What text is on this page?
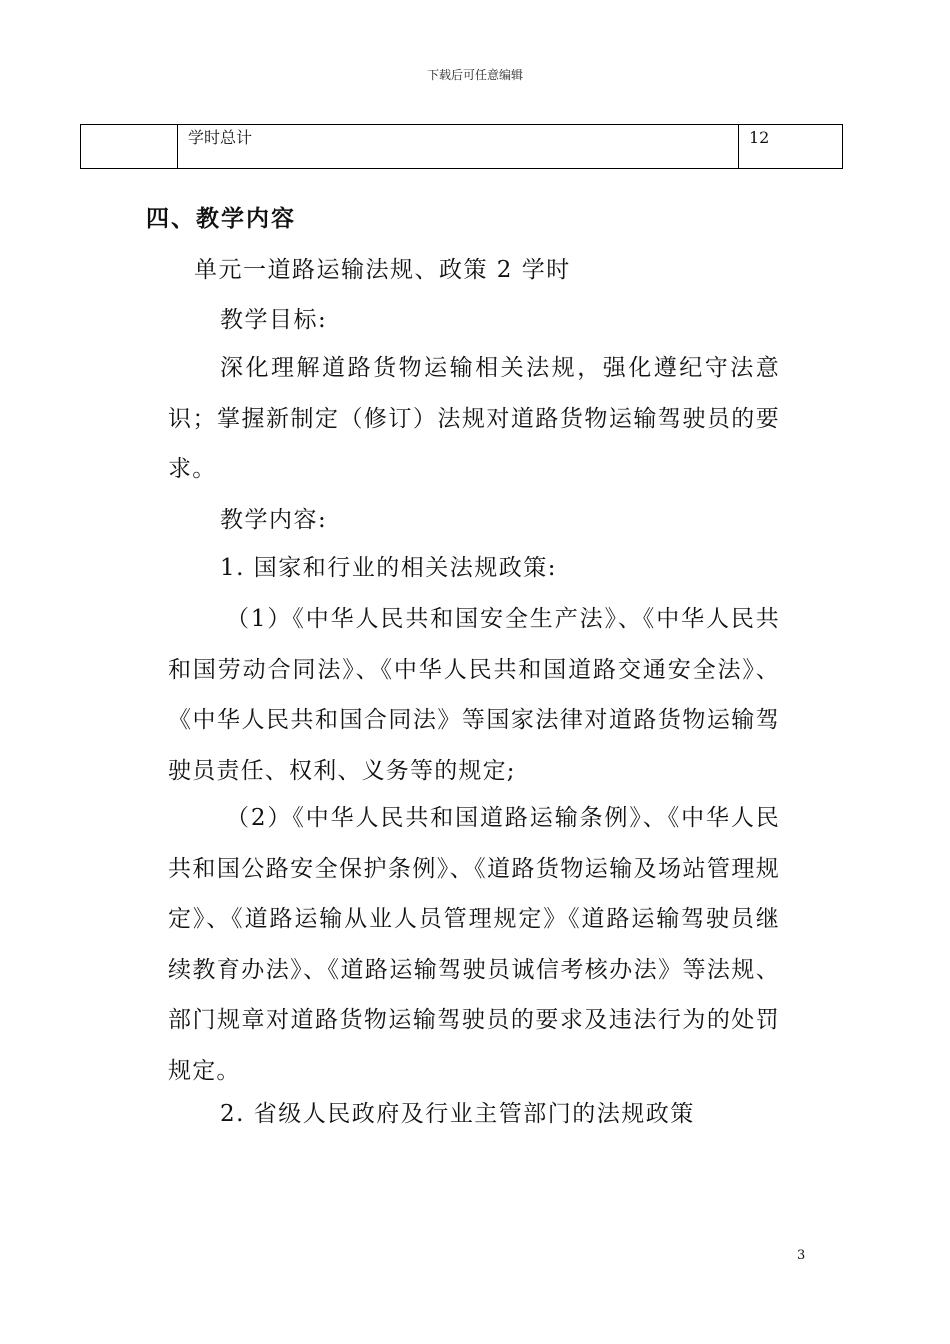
下载后可任意编辑
	学时总计	12
四、教学内容
单元一道路运输法规、政策 2 学时
教学目标:
深化理解道路货物运输相关法规，强化遵纪守法意识；掌握新制定（修订）法规对道路货物运输驾驶员的要求。
教学内容:
1. 国家和行业的相关法规政策:
（1）《中华人民共和国安全生产法》、《中华人民共和国劳动合同法》、《中华人民共和国道路交通安全法》、《中华人民共和国合同法》等国家法律对道路货物运输驾驶员责任、权利、义务等的规定;
（2）《中华人民共和国道路运输条例》、《中华人民共和国公路安全保护条例》、《道路货物运输及场站管理规定》、《道路运输从业人员管理规定》《道路运输驾驶员继续教育办法》、《道路运输驾驶员诚信考核办法》等法规、部门规章对道路货物运输驾驶员的要求及违法行为的处罚规定。
2. 省级人民政府及行业主管部门的法规政策
3
